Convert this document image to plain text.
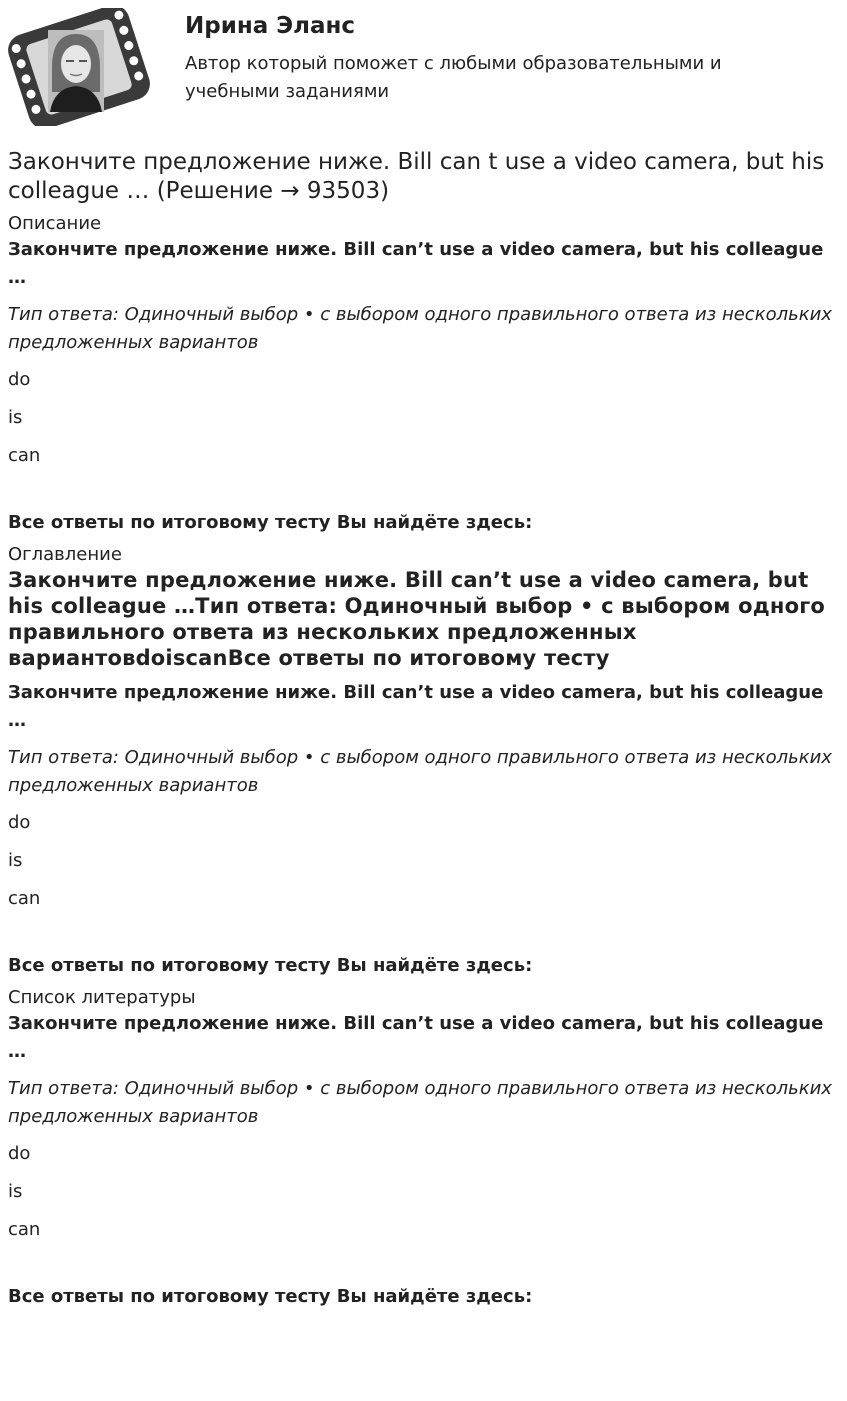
Ирина Эланс
Автор который поможет с любыми образовательными и учебными заданиями
Закончите предложение ниже. Bill can t use a video camera, but his colleague … (Решение → 93503)
Описание
Закончите предложение ниже. Bill can’t use a video camera, but his colleague …
Тип ответа: Одиночный выбор • с выбором одного правильного ответа из нескольких предложенных вариантов
do
is
can
Все ответы по итоговому тесту Вы найдёте здесь:
Оглавление
Закончите предложение ниже. Bill can’t use a video camera, but his colleague …Тип ответа: Одиночный выбор • с выбором одного правильного ответа из нескольких предложенных вариантовdoiscanВсе ответы по итоговому тесту
Закончите предложение ниже. Bill can’t use a video camera, but his colleague …
Тип ответа: Одиночный выбор • с выбором одного правильного ответа из нескольких предложенных вариантов
do
is
can
Все ответы по итоговому тесту Вы найдёте здесь:
Список литературы
Закончите предложение ниже. Bill can’t use a video camera, but his colleague …
Тип ответа: Одиночный выбор • с выбором одного правильного ответа из нескольких предложенных вариантов
do
is
can
Все ответы по итоговому тесту Вы найдёте здесь:
